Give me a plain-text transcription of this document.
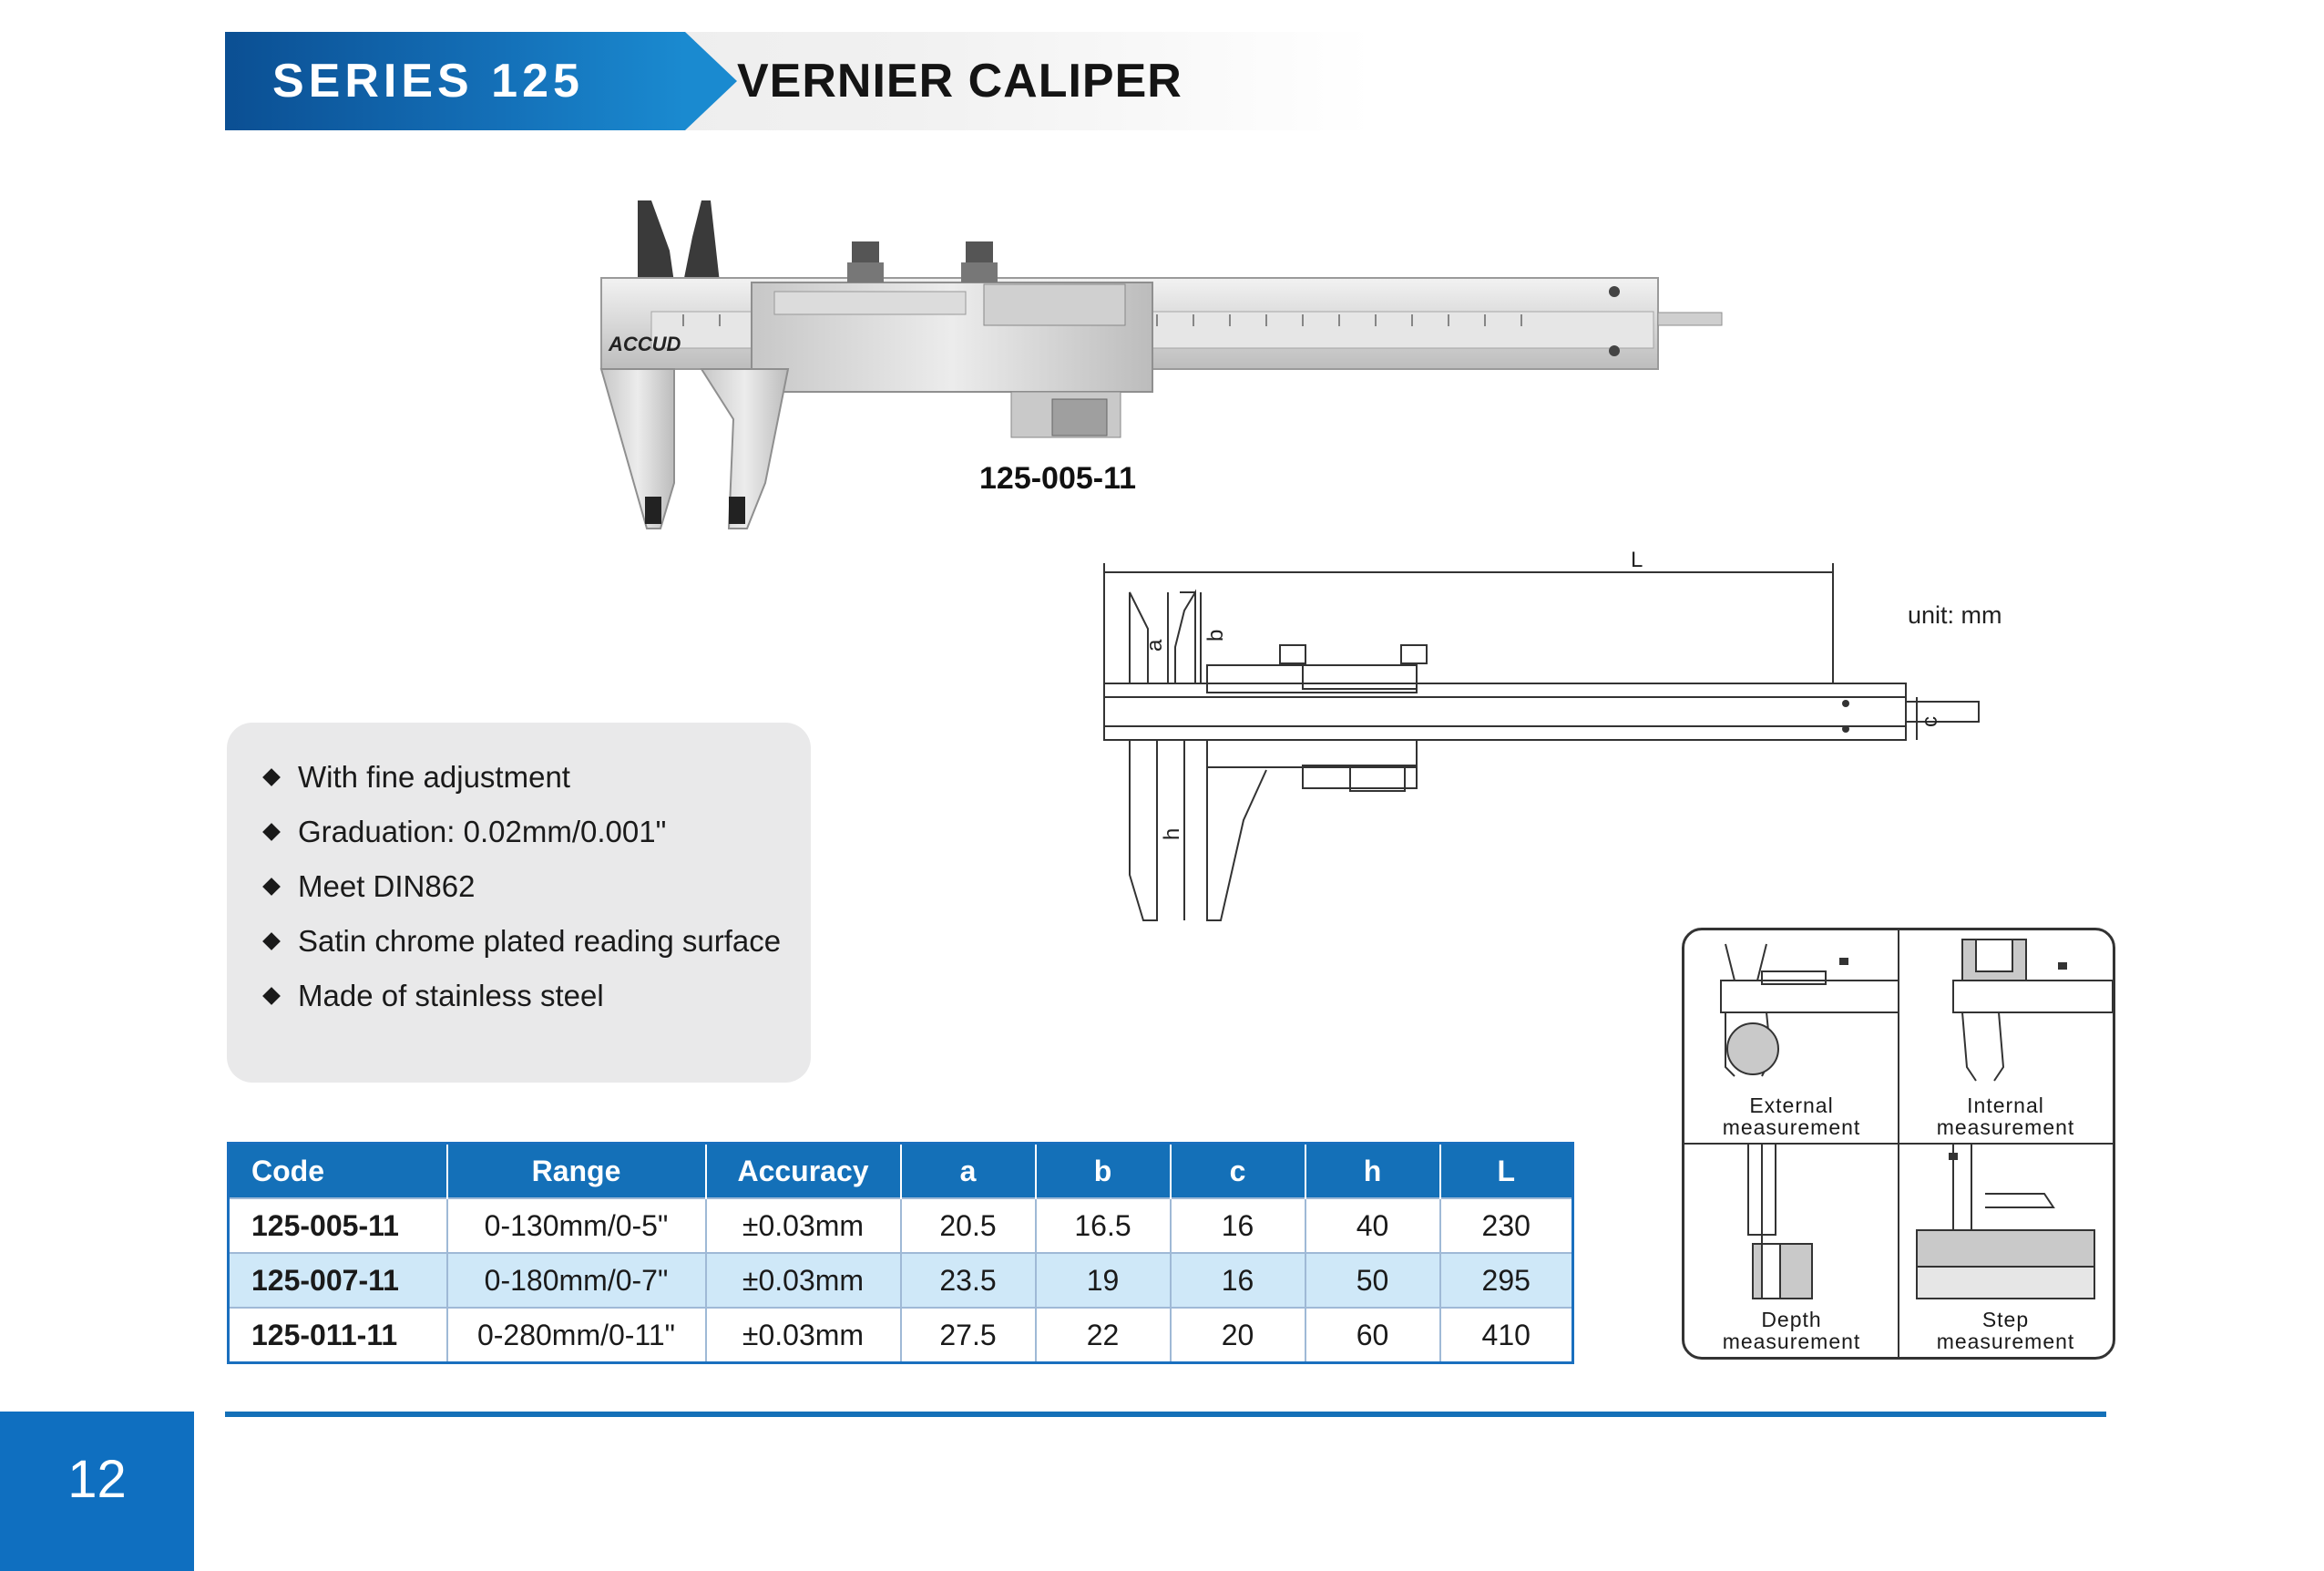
SERIES 125	VERNIER CALIPER
ACCUD
125-005-11
L
a
b
h
c
unit: mm
With fine adjustment
Graduation: 0.02mm/0.001"
Meet DIN862
Satin chrome plated reading surface
Made of stainless steel
Code	Range	Accuracy	a	b	c	h	L
125-005-11	0-130mm/0-5"	±0.03mm	20.5	16.5	16	40	230
125-007-11	0-180mm/0-7"	±0.03mm	23.5	19	16	50	295
125-011-11	0-280mm/0-11"	±0.03mm	27.5	22	20	60	410
External
measurement
Internal
measurement
Depth
measurement
Step
measurement
12
